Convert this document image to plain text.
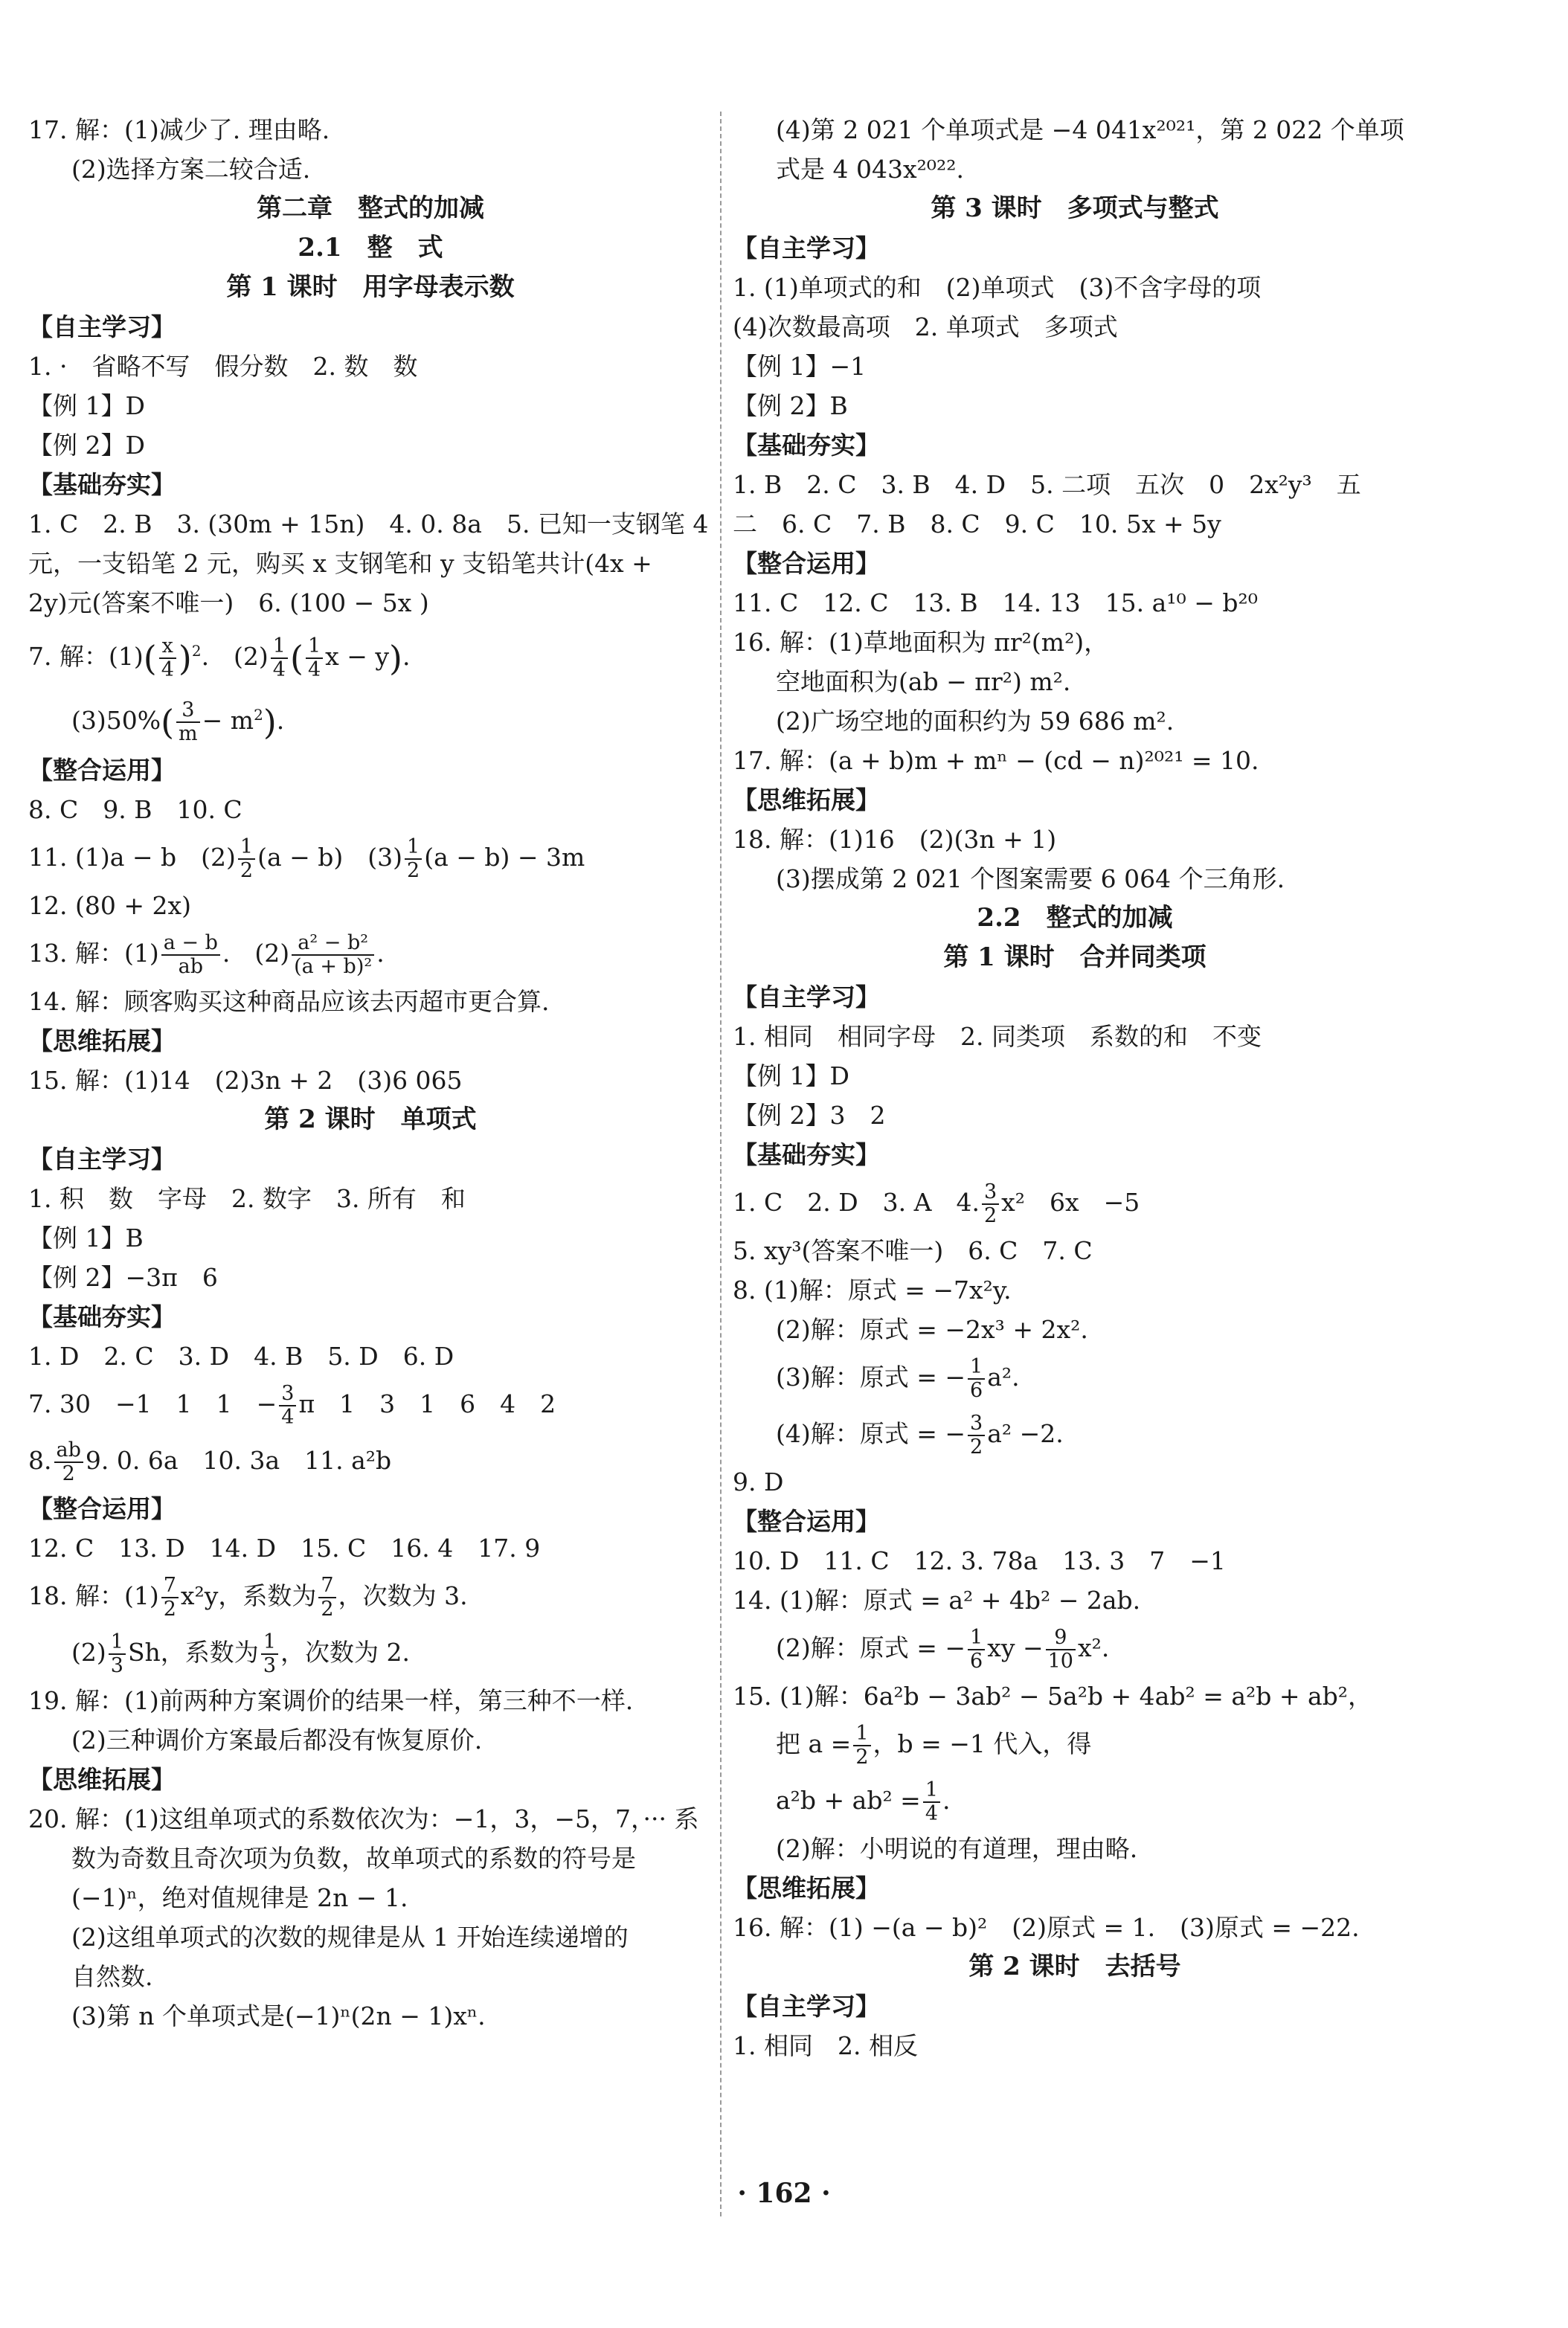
17. 解：(1)减少了. 理由略.

(2)选择方案二较合适.

第二章　整式的加减

2.1　整　式

第 1 课时　用字母表示数

【自主学习】

1. ·　省略不写　假分数　2. 数　数

【例 1】D

【例 2】D

【基础夯实】

1. C　2. B　3. (30m + 15n)　4. 0. 8a　5. 已知一支钢笔 4

元，一支铅笔 2 元，购买 x 支钢笔和 y 支铅笔共计(4x +

2y)元(答案不唯一)　6. (100 − 5x )

7. 解：$(1)( \frac{x}{4} )^2$.　$(2) \frac{1}{4}$ ( $\frac{1}{4}$ x − y).

$(3)50\%( \frac{3}{m} - m^2)$.

【整合运用】

8. C　9. B　10. C

11. (1)a − b　$(2) \frac{1}{2} (a - b)$　$(3) \frac{1}{2} (a - b) - 3m$

12. (80 + 2x)

13. 解：$(1) \frac{a - b}{ab}$ .　$(2) \frac{\text{a² − b²}}{\text{(a + b)²}}$ .

14. 解：顾客购买这种商品应该去丙超市更合算.

【思维拓展】

15. 解：(1)14　(2)3n + 2　(3)6 065

第 2 课时　单项式

【自主学习】

1. 积　数　字母　2. 数字　3. 所有　和

【例 1】B

【例 2】−3π　6

【基础夯实】

1. D　2. C　3. D　4. B　5. D　6. D

7. 30　−1　1　1　− $\frac{3}{4}$ π　1　3　1　6　4　2

8. $\frac{ab}{2} 9$. 0. 6a　10. 3a　11. a²b

【整合运用】

12. C　13. D　14. D　15. C　16. 4　17. 9

18. 解：$(1) \frac{7}{2} x^2y$，系数为 $\frac{7}{2}$ ，次数为 3.

$(2) \frac{1}{3}$ Sh，系数为 $\frac{1}{3}$ ，次数为 2.

19. 解：(1)前两种方案调价的结果一样，第三种不一样.

(2)三种调价方案最后都没有恢复原价.

【思维拓展】

20. 解：(1)这组单项式的系数依次为：−1，3，−5，7，··· 系

数为奇数且奇次项为负数，故单项式的系数的符号是

(−1)ⁿ，绝对值规律是 2n − 1.

(2)这组单项式的次数的规律是从 1 开始连续递增的

自然数.

(3)第 n 个单项式是(−1)ⁿ(2n − 1)xⁿ.

(4)第 2 021 个单项式是 −4 041x²⁰²¹，第 2 022 个单项

式是 4 043x²⁰²².

第 3 课时　多项式与整式

【自主学习】

1. (1)单项式的和　(2)单项式　(3)不含字母的项

(4)次数最高项　2. 单项式　多项式

【例 1】−1

【例 2】B

【基础夯实】

1. B　2. C　3. B　4. D　5. 二项　五次　0　2x²y³　五

二　6. C　7. B　8. C　9. C　10. 5x + 5y

【整合运用】

11. C　12. C　13. B　14. 13　15. a¹⁰ − b²⁰

16. 解：(1)草地面积为 πr²(m²)，

空地面积为(ab − πr²) m².

(2)广场空地的面积约为 59 686 m².

17. 解：(a + b)m + mⁿ − (cd − n)²⁰²¹ = 10.

【思维拓展】

18. 解：(1)16　(2)(3n + 1)

(3)摆成第 2 021 个图案需要 6 064 个三角形.

2.2　整式的加减

第 1 课时　合并同类项

【自主学习】

1. 相同　相同字母　2. 同类项　系数的和　不变

【例 1】D

【例 2】3　2

【基础夯实】

1. C　2. D　3. A　4. $\frac{3}{2} x^2$　6x　−5

5. xy³(答案不唯一)　6. C　7. C

8. (1)解：原式 = −7x²y.

(2)解：原式 = −2x³ + 2x².

(3)解：原式 = − $\frac{1}{6} a^2$.

(4)解：原式 = − $\frac{3}{2} a^2 -2$.

9. D

【整合运用】

10. D　11. C　12. 3. 78a　13. 3　7　−1

14. (1)解：原式 = a² + 4b² − 2ab.

(2)解：原式 = − $\frac{1}{6}$ xy − $\frac{9}{10} x^2$.

15. (1)解：6a²b − 3ab² − 5a²b + 4ab² = a²b + ab²，

把 $a = \frac{1}{2}$ ，b = −1 代入，得

$a^2b + ab^2 = \frac{1}{4}$ .

(2)解：小明说的有道理，理由略.

【思维拓展】

16. 解：(1) −(a − b)²　(2)原式 = 1.　(3)原式 = −22.

第 2 课时　去括号

【自主学习】

1. 相同　2. 相反

· 162 ·
